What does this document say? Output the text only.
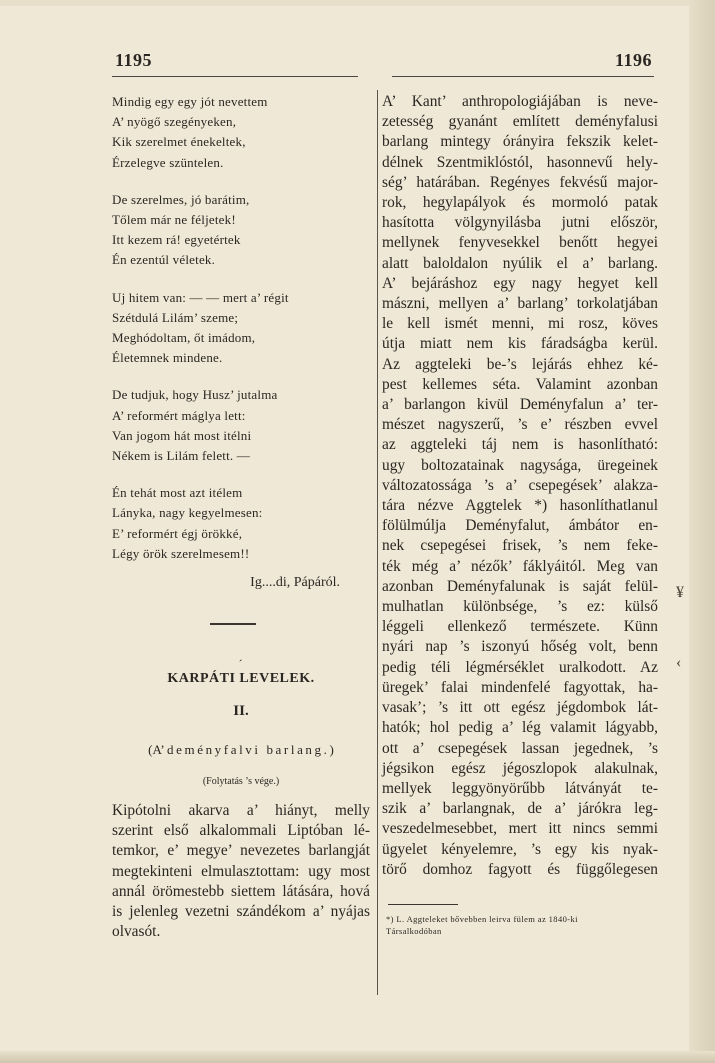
1195	1196
Mindig egy egy jót nevettem
A’ nyögő szegényeken,
Kik szerelmet énekeltek,
Érzelegve szüntelen.
De szerelmes, jó barátim,
Tőlem már ne féljetek!
Itt kezem rá! egyetértek
Én ezentúl véletek.
Uj hitem van: — — mert a’ régit
Szétdulá Lilám’ szeme;
Meghódoltam, őt imádom,
Életemnek mindene.
De tudjuk, hogy Husz’ jutalma
A’ reformért máglya lett:
Van jogom hát most itélni
Nékem is Lilám felett. —
Én tehát most azt itélem
Lányka, nagy kegyelmesen:
E’ reformért égj örökké,
Légy örök szerelmesem!!
Ig....di, Pápáról.
KARPÁTI LEVELEK.
II.
(A’ deményfalvi barlang.)
(Folytatás ’s vége.)
Kipótolni akarva a’ hiányt, melly
szerint első alkalommali Liptóban lé-
temkor, e’ megye’ nevezetes barlangját
megtekinteni elmulasztottam: ugy most
annál örömestebb siettem látására, hová
is jelenleg vezetni szándékom a’ nyájas
olvasót.
A’ Kant’ anthropologiájában is neve-
zetesség gyanánt említett deményfalusi
barlang mintegy órányira fekszik kelet-
délnek Szentmiklóstól, hasonnevű hely-
ség’ határában. Regényes fekvésű major-
rok, hegylapályok és mormoló patak
hasította völgynyilásba jutni először,
mellynek fenyvesekkel benőtt hegyei
alatt baloldalon nyúlik el a’ barlang.
A’ bejáráshoz egy nagy hegyet kell
mászni, mellyen a’ barlang’ torkolatjában
le kell ismét menni, mi rosz, köves
útja miatt nem kis fáradságba kerül.
Az aggteleki be-’s lejárás ehhez ké-
pest kellemes séta. Valamint azonban
a’ barlangon kivül Deményfalun a’ ter-
mészet nagyszerű, ’s e’ részben evvel
az aggteleki táj nem is hasonlítható:
ugy boltozatainak nagysága, üregeinek
változatossága ’s a’ csepegések’ alakza-
tára nézve Aggtelek *) hasonlíthatlanul
fölülmúlja Deményfalut, ámbátor en-
nek csepegései frisek, ’s nem feke-
ték még a’ nézők’ fáklyáitól. Meg van
azonban Deményfalunak is saját felül-
mulhatlan különbsége, ’s ez: külső
léggeli ellenkező természete. Künn
nyári nap ’s iszonyú hőség volt, benn
pedig téli légmérséklet uralkodott. Az
üregek’ falai mindenfelé fagyottak, ha-
vasak’; ’s itt ott egész jégdombok lát-
hatók; hol pedig a’ lég valamit lágyabb,
ott a’ csepegések lassan jegednek, ’s
jégsikon egész jégoszlopok alakulnak,
mellyek leggyönyörűbb látványát te-
szik a’ barlangnak, de a’ járókra leg-
veszedelmesebbet, mert itt nincs semmi
ügyelet kényelemre, ’s egy kis nyak-
törő domhoz fagyott és függőlegesen
*) L. Aggteleket bővebben leirva fülem az 1840-ki
Társalkodóban
¥
‹
